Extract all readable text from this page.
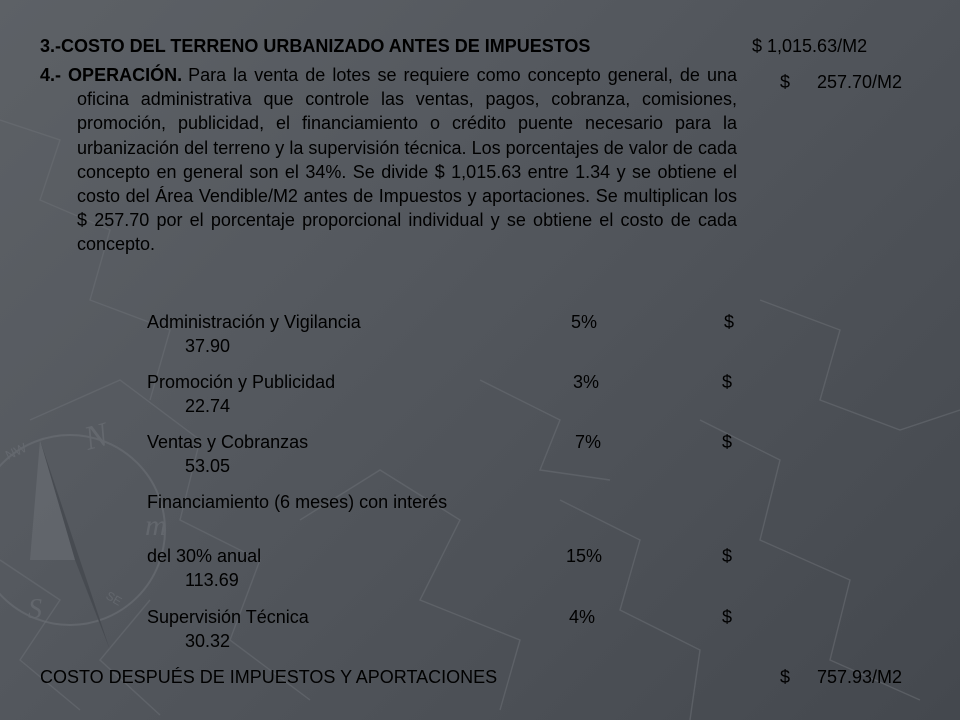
N
m
S
NW
SE
3.-COSTO DEL TERRENO URBANIZADO ANTES DE IMPUESTOS	$ 1,015.63/M2
4.- OPERACIÓN. Para la venta de lotes se requiere como concepto general, de una oficina administrativa que controle las ventas, pagos, cobranza, comisiones, promoción, publicidad, el financiamiento o crédito puente necesario para la urbanización del terreno y la supervisión técnica. Los porcentajes de valor de cada concepto en general son el 34%. Se divide $ 1,015.63 entre 1.34 y se obtiene el costo del Área Vendible/M2 antes de Impuestos y aportaciones. Se multiplican los $ 257.70 por el porcentaje proporcional individual y se obtiene el costo de cada concepto.
$ 257.70/M2
Administración y Vigilancia	5%	$
37.90
Promoción y Publicidad	3%	$
22.74
Ventas y Cobranzas	7%	$
53.05
Financiamiento (6 meses) con interés
del 30% anual	15%	$
113.69
Supervisión Técnica	4%	$
30.32
COSTO DESPUÉS DE IMPUESTOS Y APORTACIONES	$ 757.93/M2
